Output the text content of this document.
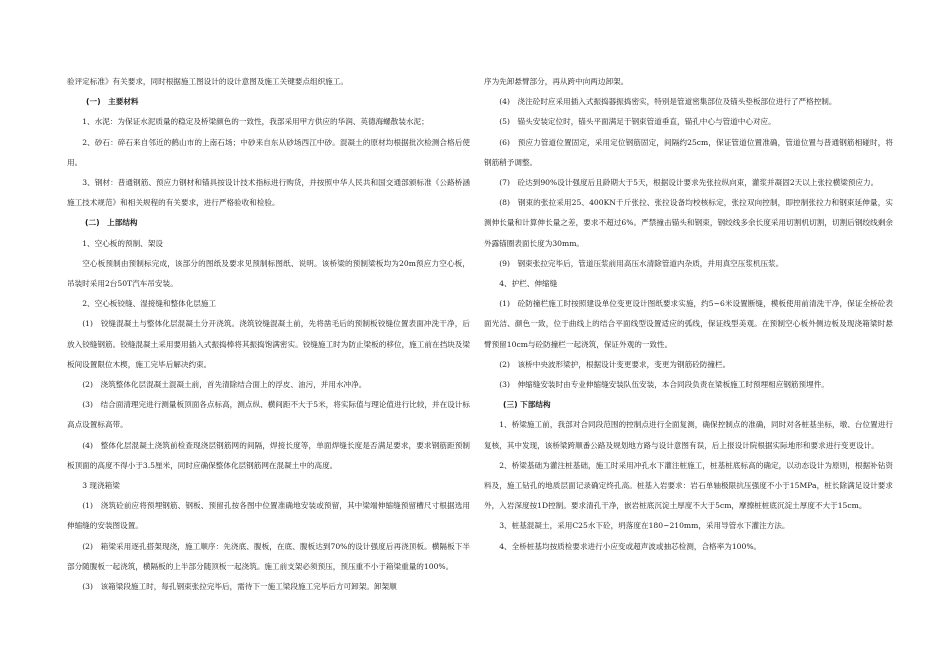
验评定标准》有关要求，同时根据施工图设计的设计意图及施工关键要点组织施工。

(一)　主要材料

1、水泥：为保证水泥质量的稳定及桥梁颜色的一致性，我部采用甲方供应的华润、英德海螺散装水泥；

2、砂石：碎石来自邻近的鹤山市的上南石场；中砂来自东从砂场西江中砂。混凝土的原材均根据批次检测合格后使用。

3、钢材：普通钢筋、预应力钢材和锚具按设计技术指标进行购货，并按照中华人民共和国交通部颁标准《公路桥涵施工技术规范》和相关规程的有关要求，进行严格验收和检验。

(二)　上部结构

1、空心板的预制、架设

空心板预制由预制标完成，该部分的图纸及要求见预制标图纸、说明。该桥梁的预制梁板均为20m预应力空心板，吊装时采用2台50T汽车吊安装。

2、空心板铰缝、湿接缝和整体化层施工

(1)　铰缝混凝土与整体化层混凝土分开浇筑。浇筑铰缝混凝土前，先将凿毛后的预制板铰缝位置表面冲洗干净，后放入铰缝钢筋。铰缝混凝土采用要用插入式振捣棒将其振捣饱满密实。铰缝施工时为防止梁板的移位，施工前在挡块及梁板间设置限位木楔，施工完毕后解决约束。

(2)　浇筑整体化层混凝土混凝土前，首先清除结合面上的浮皮、油污，并用水冲净。

(3)　结合面清理完进行测量板顶面各点标高，测点纵、横间距不大于5米，将实际值与理论值进行比较，并在设计标高点设置标高带。

(4)　整体化层混凝土浇筑前检查现浇层钢筋网的间隔，焊接长度等，单面焊缝长度是否满足要求，要求钢筋距预制板顶面的高度不得小于3.5厘米，同时应确保整体化层钢筋网在混凝土中的高度。

3 现浇箱梁

(1)　浇筑砼前应将预埋钢筋、钢板、预留孔按各图中位置准确地安装或预留，其中梁端伸缩缝预留槽尺寸根据选用伸缩缝的安装图设置。

(2)　箱梁采用逐孔搭架现浇，施工顺序：先浇底、腹板，在底、腹板达到70%的设计强度后再浇顶板。横隔板下半部分随腹板一起浇筑，横隔板的上半部分随顶板一起浇筑。施工前支架必须预压，预压重不小于箱梁重量的100%。

(3)　该箱梁段施工时，每孔钢束张拉完毕后，需待下一施工梁段施工完毕后方可卸架。卸架顺

序为先卸悬臂部分，再从跨中向两边卸架。

(4)　浇注砼时应采用插入式振捣器振捣密实，特别是管道密集部位及锚头垫板部位进行了严格控制。

(5)　锚头安装定位时，锚头平面满足于钢束管道垂直，锚孔中心与管道中心对应。

(6)　预应力管道位置固定，采用定位钢筋固定，间隔约25cm，保证管道位置准确，管道位置与普通钢筋相碰时，将钢筋稍予调整。

(7)　砼达到90%设计强度后且龄期大于5天，根据设计要求先张拉纵向束，灌浆并凝固2天以上张拉横梁预应力。

(8)　钢束的张拉采用25、400KN千斤张拉、张拉设备均校核标定，张拉双向控制，即控制张拉力和钢束延伸量，实测伸长量和计算伸长量之差，要求不超过6%。严禁撞击锚头和钢束，钢绞线多余长度采用切割机切割，切割后钢绞线剩余外露锚圈表面长度为30mm。

(9)　钢束张拉完毕后，管道压浆前用高压水清除管道内杂质，并用真空压浆机压浆。

4、护栏、伸缩缝

(1)　砼防撞栏施工时按照建设单位变更设计图纸要求实施，约5~6米设置断缝，模板使用前清洗干净，保证全桥砼表面光洁、颜色一致，位于曲线上的结合平面线型设置适应的弧线，保证线型美观。在预制空心板外侧边板及现浇箱梁时悬臂预留10cm与砼防撞栏一起浇筑，保证外观的一致性。

(2)　该桥中央波形梁护，根据设计变更要求，变更为钢筋砼防撞栏。

(3)　伸缩缝安装时由专业伸缩缝安装队伍安装，本合同段负责在梁板施工时预埋相应钢筋预埋件。

(三) 下部结构

1、桥梁施工前，我部对合同段范围的控制点进行全面复测，确保控制点的准确，同时对各桩基坐标，墩、台位置进行复核，其中发现，该桥梁跨顺番公路及规划地方路与设计意图有误，后上报设计院根据实际地形和要求进行变更设计。

2、桥梁基础为灌注桩基础，施工时采用冲孔水下灌注桩施工，桩基桩底标高的确定，以动态设计为原则，根据补钻资料及，施工钻孔的地质层面记录确定终孔高。桩基入岩要求：岩石单轴极限抗压强度不小于15MPa，桩长除满足设计要求外，入岩深度按1D控制。要求清孔干净，嵌岩桩底沉淀土厚度不大于5cm，摩擦桩桩底沉淀土厚度不大于15cm。

3、桩基混凝土，采用C25水下砼，坍落度在180~210mm，采用导管水下灌注方法。

4、全桥桩基均按质检要求进行小应变或超声波或抽芯检测，合格率为100%。
